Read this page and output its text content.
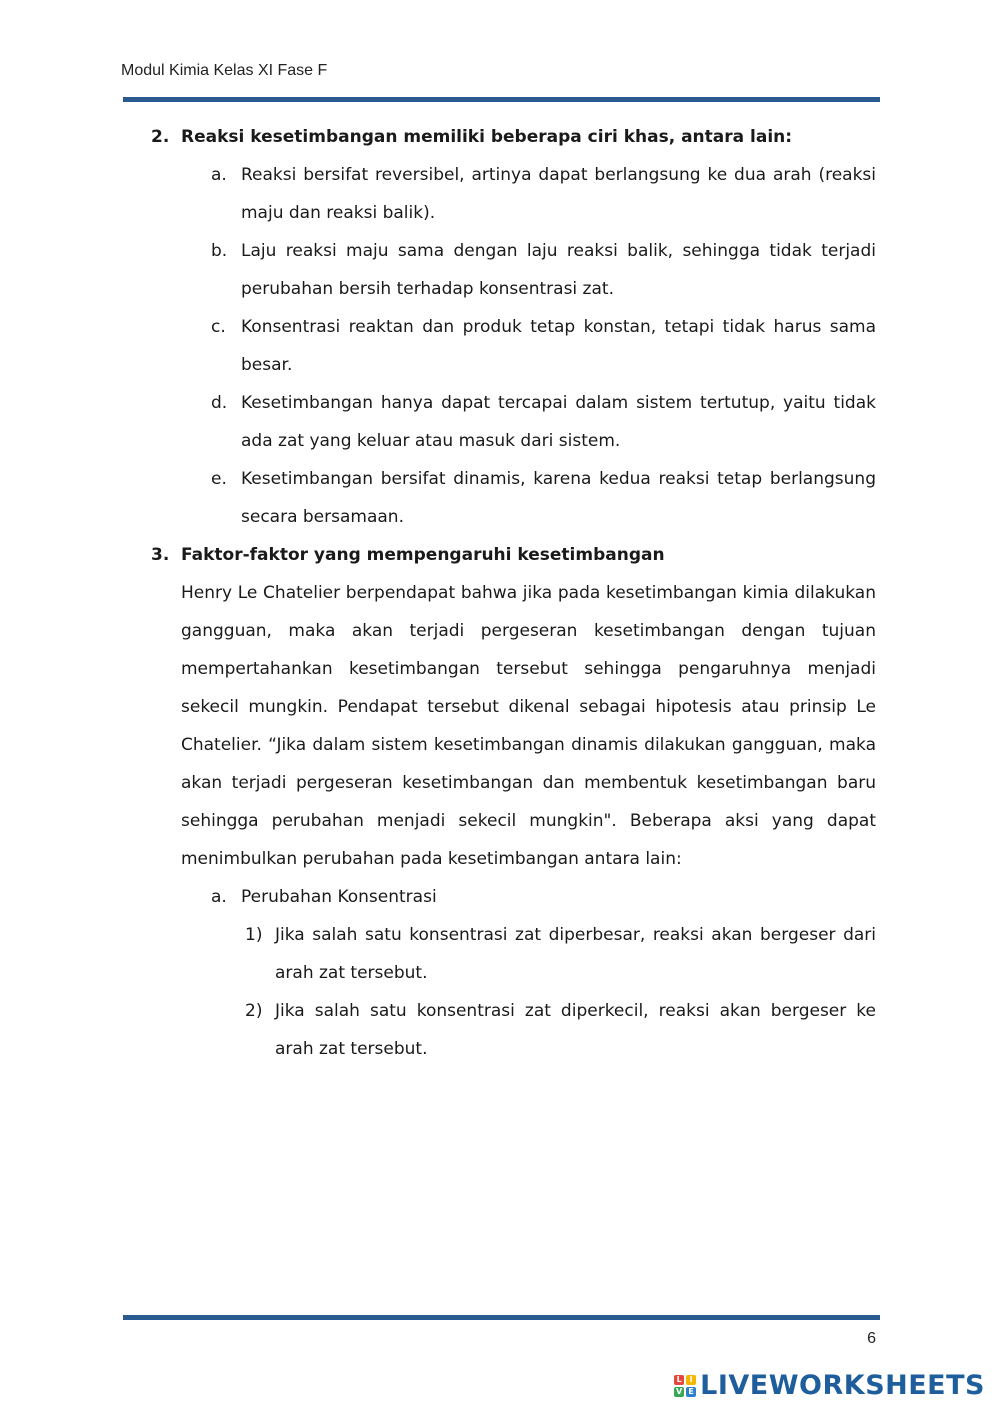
Modul Kimia Kelas XI Fase F
2. Reaksi kesetimbangan memiliki beberapa ciri khas, antara lain:
a. Reaksi bersifat reversibel, artinya dapat berlangsung ke dua arah (reaksi maju dan reaksi balik).
b. Laju reaksi maju sama dengan laju reaksi balik, sehingga tidak terjadi perubahan bersih terhadap konsentrasi zat.
c. Konsentrasi reaktan dan produk tetap konstan, tetapi tidak harus sama besar.
d. Kesetimbangan hanya dapat tercapai dalam sistem tertutup, yaitu tidak ada zat yang keluar atau masuk dari sistem.
e. Kesetimbangan bersifat dinamis, karena kedua reaksi tetap berlangsung secara bersamaan.
3. Faktor-faktor yang mempengaruhi kesetimbangan
Henry Le Chatelier berpendapat bahwa jika pada kesetimbangan kimia dilakukan gangguan, maka akan terjadi pergeseran kesetimbangan dengan tujuan mempertahankan kesetimbangan tersebut sehingga pengaruhnya menjadi sekecil mungkin. Pendapat tersebut dikenal sebagai hipotesis atau prinsip Le Chatelier. “Jika dalam sistem kesetimbangan dinamis dilakukan gangguan, maka akan terjadi pergeseran kesetimbangan dan membentuk kesetimbangan baru sehingga perubahan menjadi sekecil mungkin". Beberapa aksi yang dapat menimbulkan perubahan pada kesetimbangan antara lain:
a. Perubahan Konsentrasi
1) Jika salah satu konsentrasi zat diperbesar, reaksi akan bergeser dari arah zat tersebut.
2) Jika salah satu konsentrasi zat diperkecil, reaksi akan bergeser ke arah zat tersebut.
6
L I
V E LIVEWORKSHEETS
